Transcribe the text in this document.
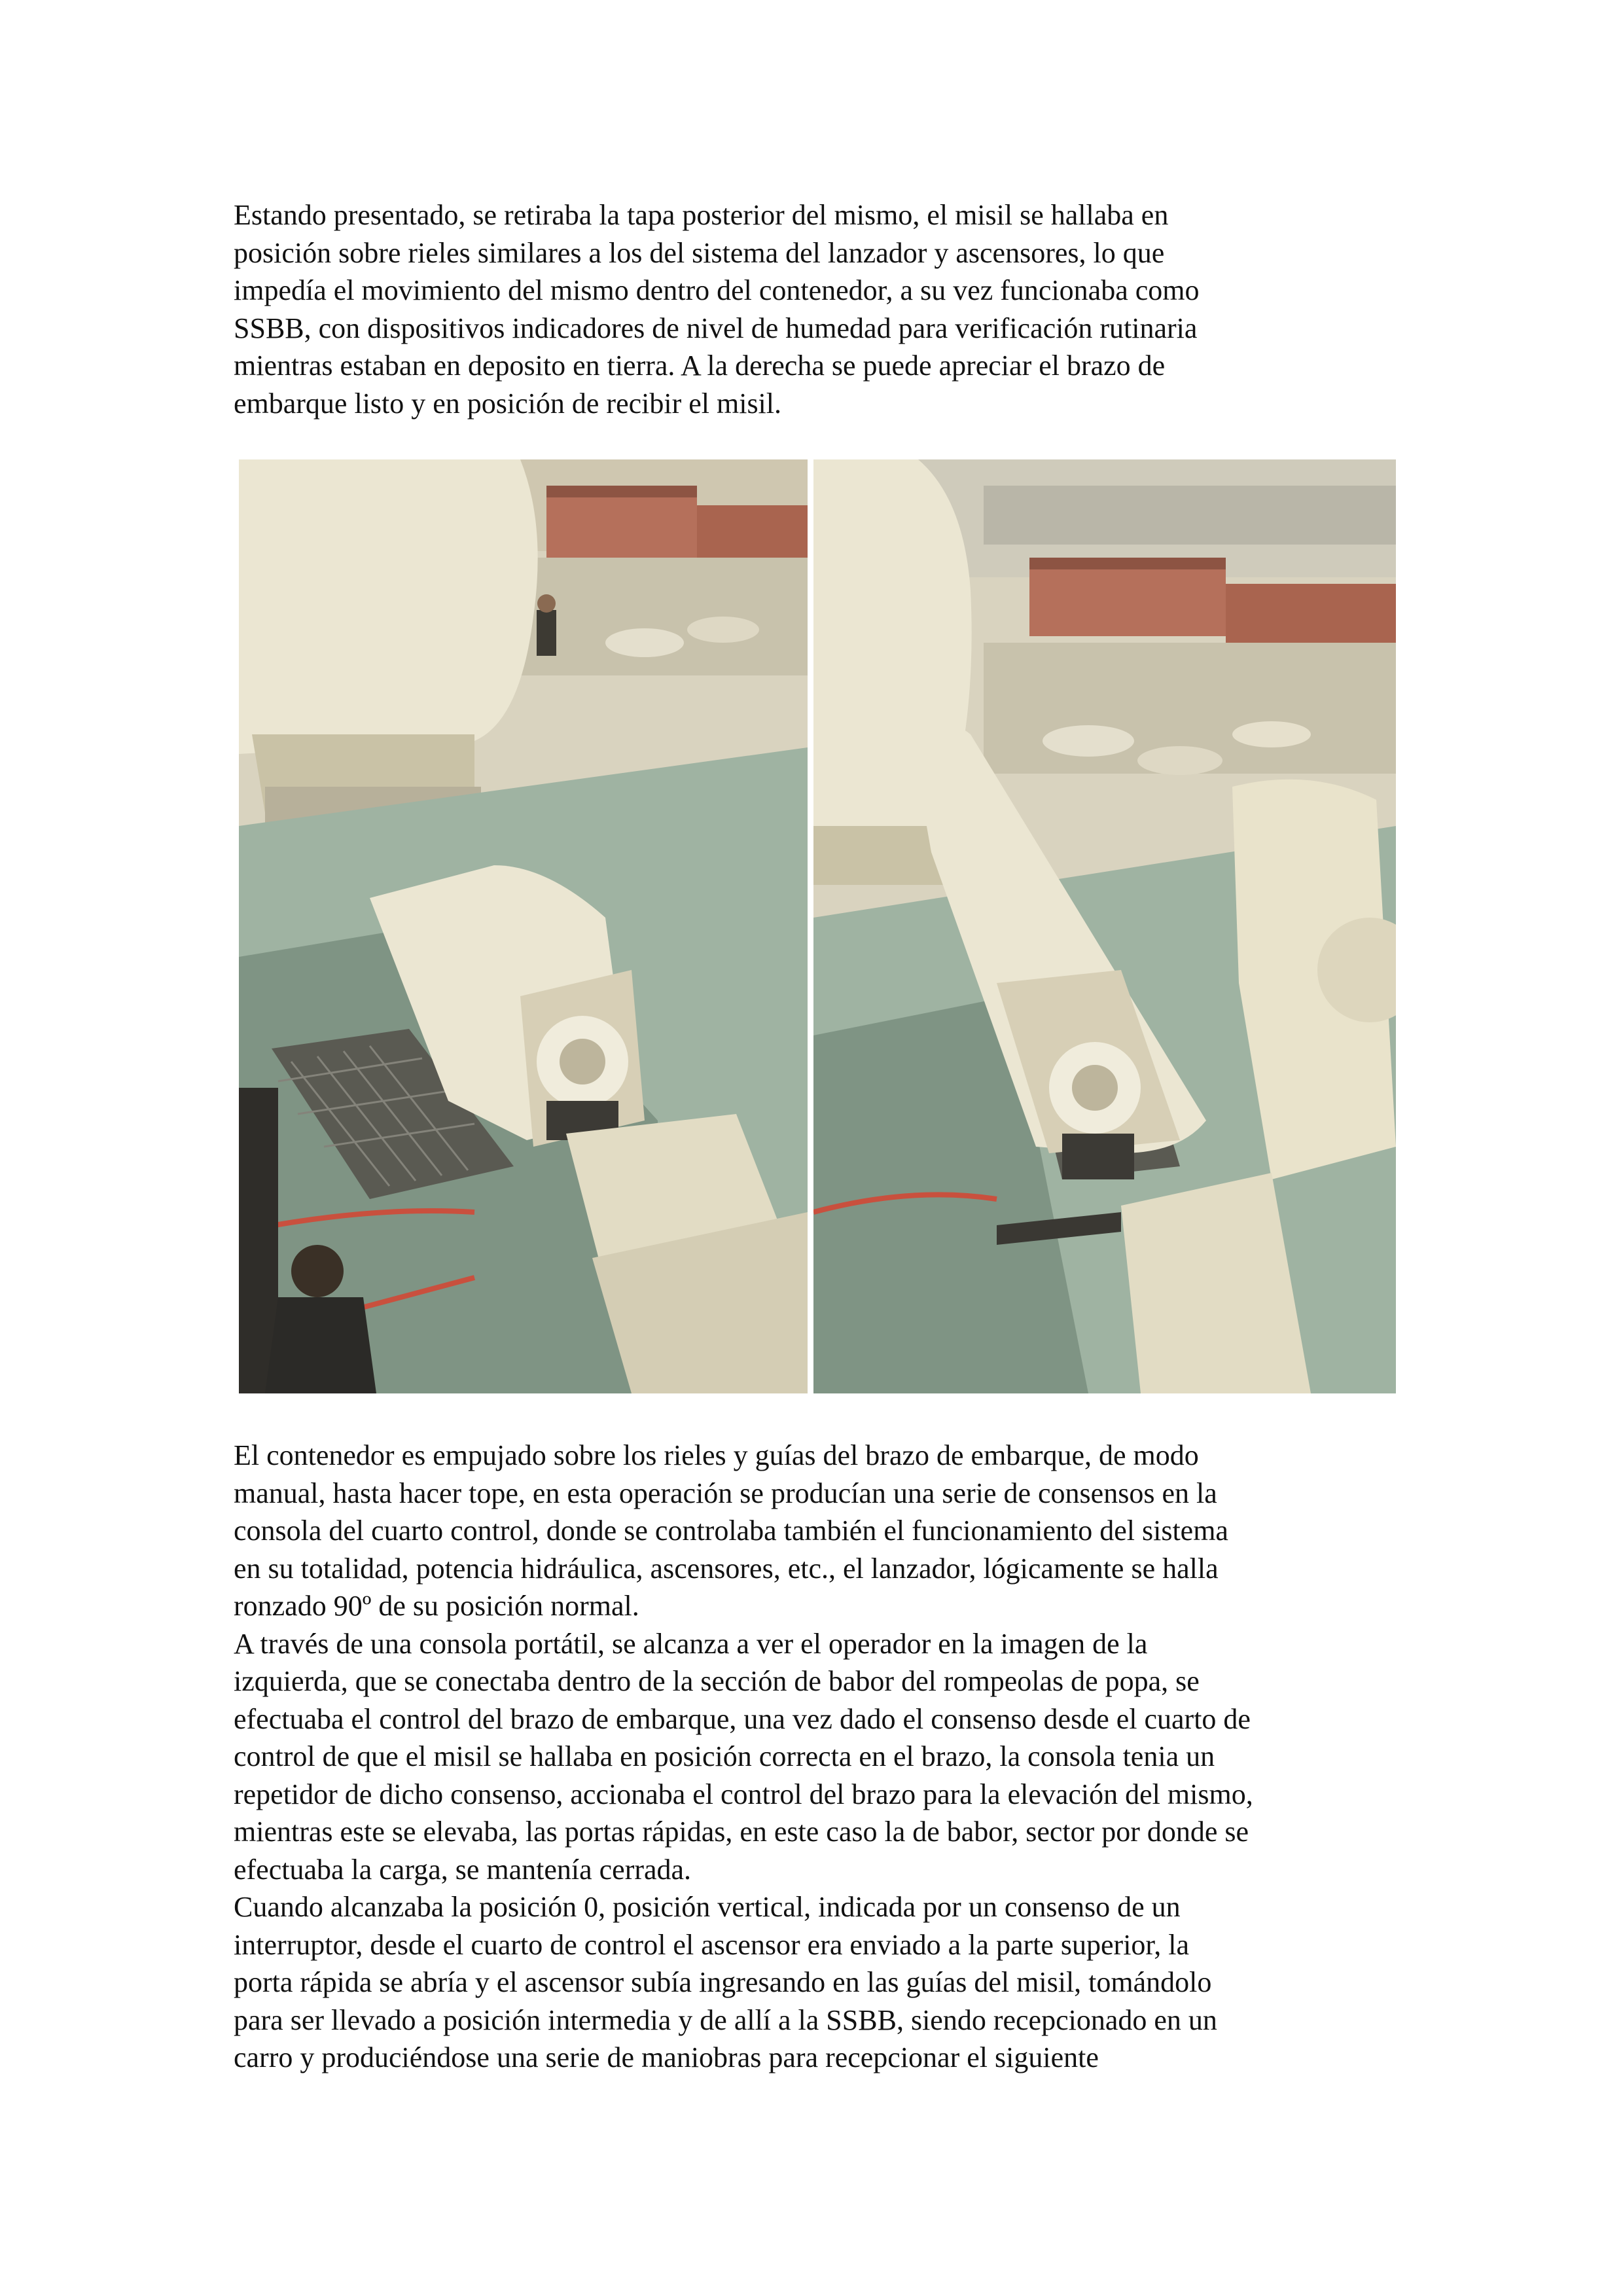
Estando presentado, se retiraba la tapa posterior del mismo, el misil se hallaba en
posición sobre rieles similares a los del sistema del lanzador y ascensores, lo que
impedía el movimiento del mismo dentro del contenedor, a su vez funcionaba como
SSBB, con dispositivos indicadores de nivel de humedad para verificación rutinaria
mientras estaban en deposito en tierra. A la derecha se puede apreciar el brazo de
embarque listo y en posición de recibir el misil.
El contenedor es empujado sobre los rieles y guías del brazo de embarque, de modo
manual, hasta hacer tope, en esta operación se producían una serie de consensos en la
consola del cuarto control, donde se controlaba también el funcionamiento del sistema
en su totalidad, potencia hidráulica, ascensores, etc., el lanzador, lógicamente se halla
ronzado 90º de su posición normal.
A través de una consola portátil, se alcanza a ver el operador en la imagen de la
izquierda, que se conectaba dentro de la sección de babor del rompeolas de popa, se
efectuaba el control del brazo de embarque, una vez dado el consenso desde el cuarto de
control de que el misil se hallaba en posición correcta en el brazo, la consola tenia un
repetidor de dicho consenso, accionaba el control del brazo para la elevación del mismo,
mientras este se elevaba, las portas rápidas, en este caso la de babor, sector por donde se
efectuaba la carga, se mantenía cerrada.
Cuando alcanzaba la posición 0, posición vertical, indicada por un consenso de un
interruptor, desde el cuarto de control el ascensor era enviado a la parte superior, la
porta rápida se abría y el ascensor subía ingresando en las guías del misil, tomándolo
para ser llevado a posición intermedia y de allí a la SSBB, siendo recepcionado en un
carro y produciéndose una serie de maniobras para recepcionar el siguiente
